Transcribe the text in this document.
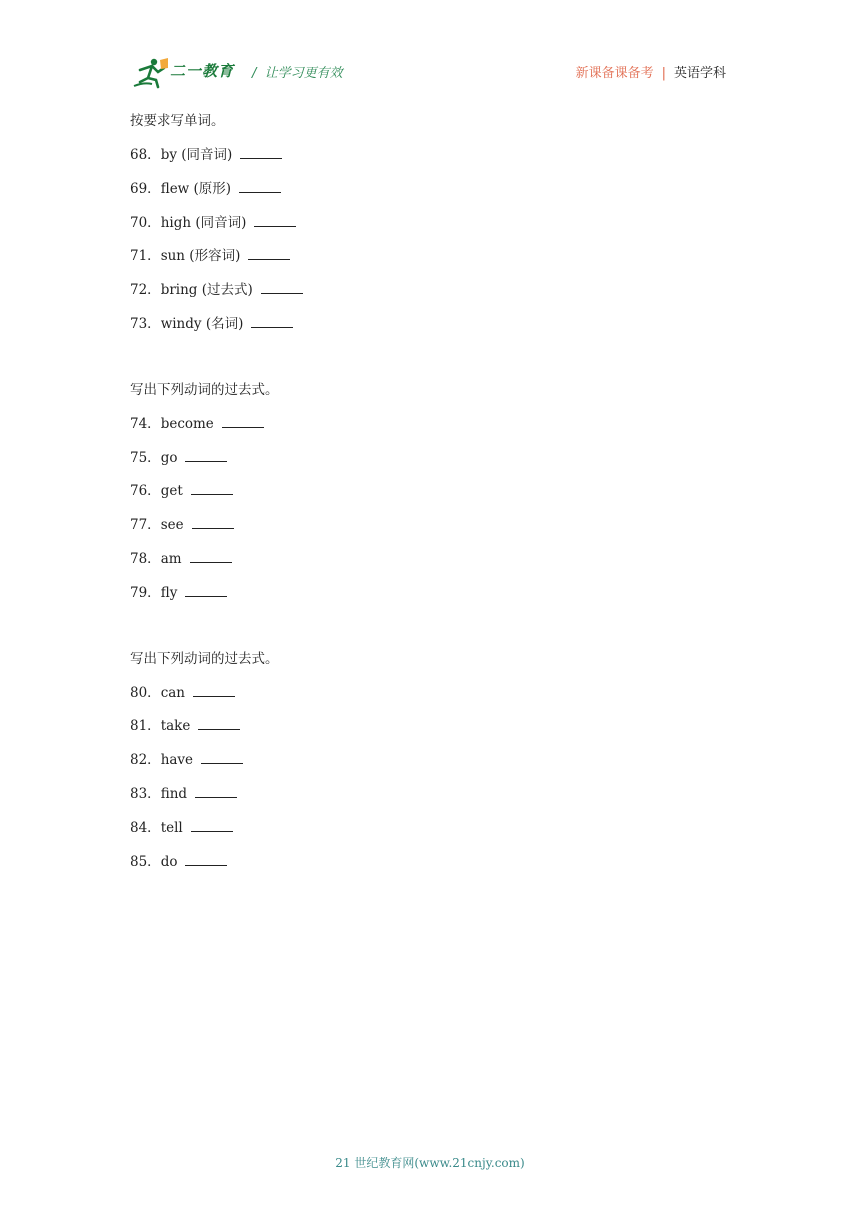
二一教育 /  让学习更有效	新课备课备考 | 英语学科
按要求写单词。
68．by (同音词)
69．flew (原形)
70．high (同音词)
71．sun (形容词)
72．bring (过去式)
73．windy (名词)
写出下列动词的过去式。
74．become
75．go
76．get
77．see
78．am
79．fly
写出下列动词的过去式。
80．can
81．take
82．have
83．find
84．tell
85．do
21 世纪教育网(www.21cnjy.com)
